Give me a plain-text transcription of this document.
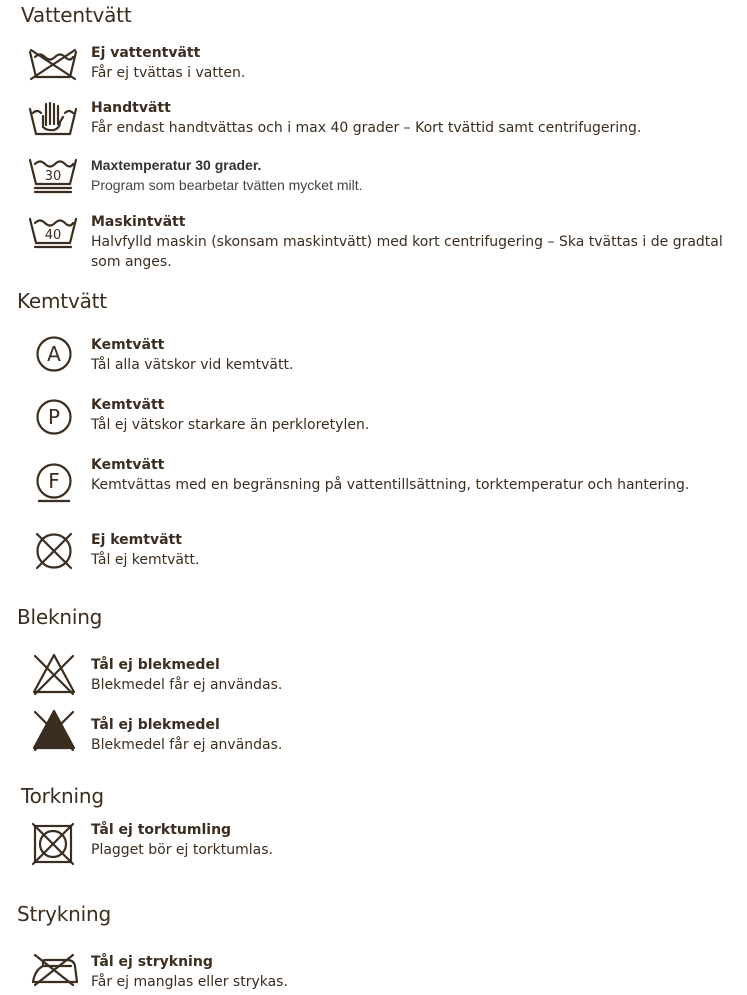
Vattentvätt
Ej vattentvätt
Får ej tvättas i vatten.
Handtvätt
Får endast handtvättas och i max 40 grader – Kort tvättid samt centrifugering.
30
Maxtemperatur 30 grader.
Program som bearbetar tvätten mycket milt.
40
Maskintvätt
Halvfylld maskin (skonsam maskintvätt) med kort centrifugering – Ska tvättas i de gradtal som anges.
Kemtvätt
A Kemtvätt
Tål alla vätskor vid kemtvätt.
P Kemtvätt
Tål ej vätskor starkare än perkloretylen.
F
Kemtvätt
Kemtvättas med en begränsning på vattentillsättning, torktemperatur och hantering.
Ej kemtvätt
Tål ej kemtvätt.
Blekning
Tål ej blekmedel
Blekmedel får ej användas.
Tål ej blekmedel
Blekmedel får ej användas.
Torkning
Tål ej torktumling
Plagget bör ej torktumlas.
Strykning
Tål ej strykning
Får ej manglas eller strykas.
